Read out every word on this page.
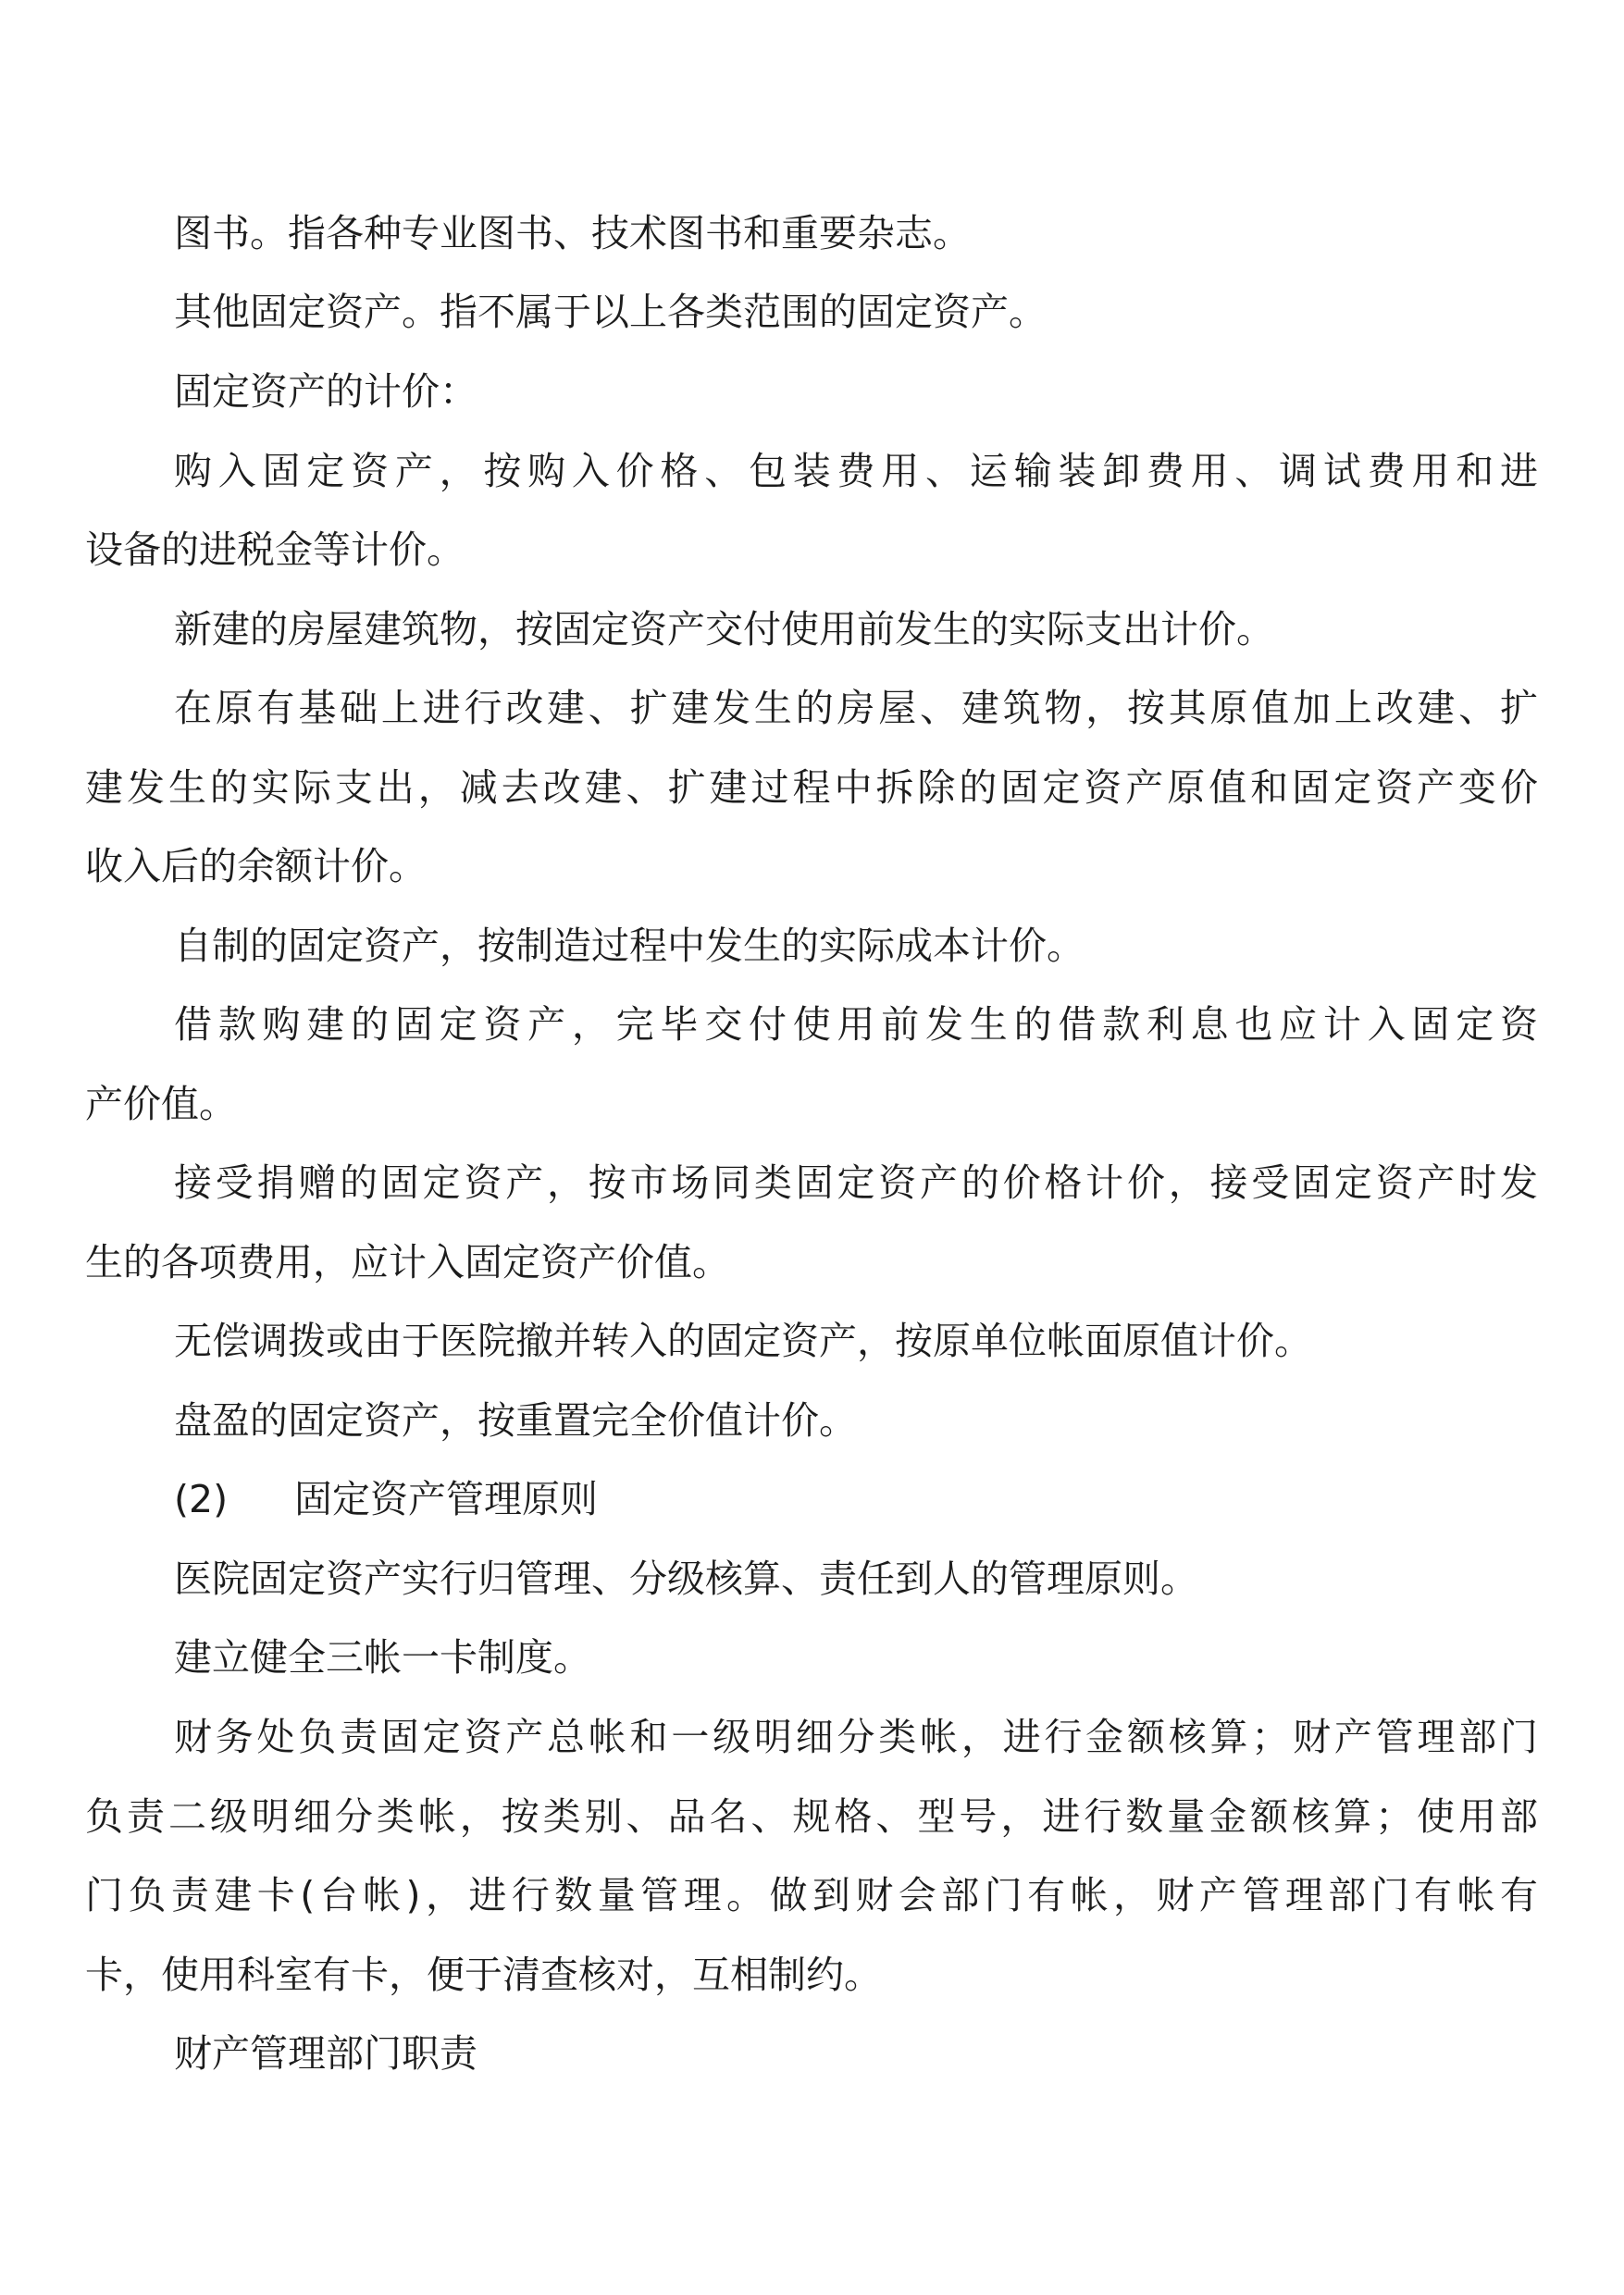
图书。指各种专业图书、技术图书和重要杂志。
其他固定资产。指不属于以上各类范围的固定资产。
固定资产的计价：
购入固定资产，按购入价格、包装费用、运输装卸费用、调试费用和进
设备的进税金等计价。
新建的房屋建筑物，按固定资产交付使用前发生的实际支出计价。
在原有基础上进行改建、扩建发生的房屋、建筑物，按其原值加上改建、扩
建发生的实际支出，减去改建、扩建过程中拆除的固定资产原值和固定资产变价
收入后的余额计价。
自制的固定资产，按制造过程中发生的实际成本计价。
借款购建的固定资产，完毕交付使用前发生的借款利息也应计入固定资
产价值。
接受捐赠的固定资产，按市场同类固定资产的价格计价，接受固定资产时发
生的各项费用，应计入固定资产价值。
无偿调拨或由于医院撤并转入的固定资产，按原单位帐面原值计价。
盘盈的固定资产，按重置完全价值计价。
(2) 固定资产管理原则
医院固定资产实行归管理、分级核算、责任到人的管理原则。
建立健全三帐一卡制度。
财务处负责固定资产总帐和一级明细分类帐，进行金额核算；财产管理部门
负责二级明细分类帐，按类别、品名、规格、型号，进行数量金额核算；使用部
门负责建卡(台帐)，进行数量管理。做到财会部门有帐，财产管理部门有帐有
卡，使用科室有卡，便于清查核对，互相制约。
财产管理部门职责
